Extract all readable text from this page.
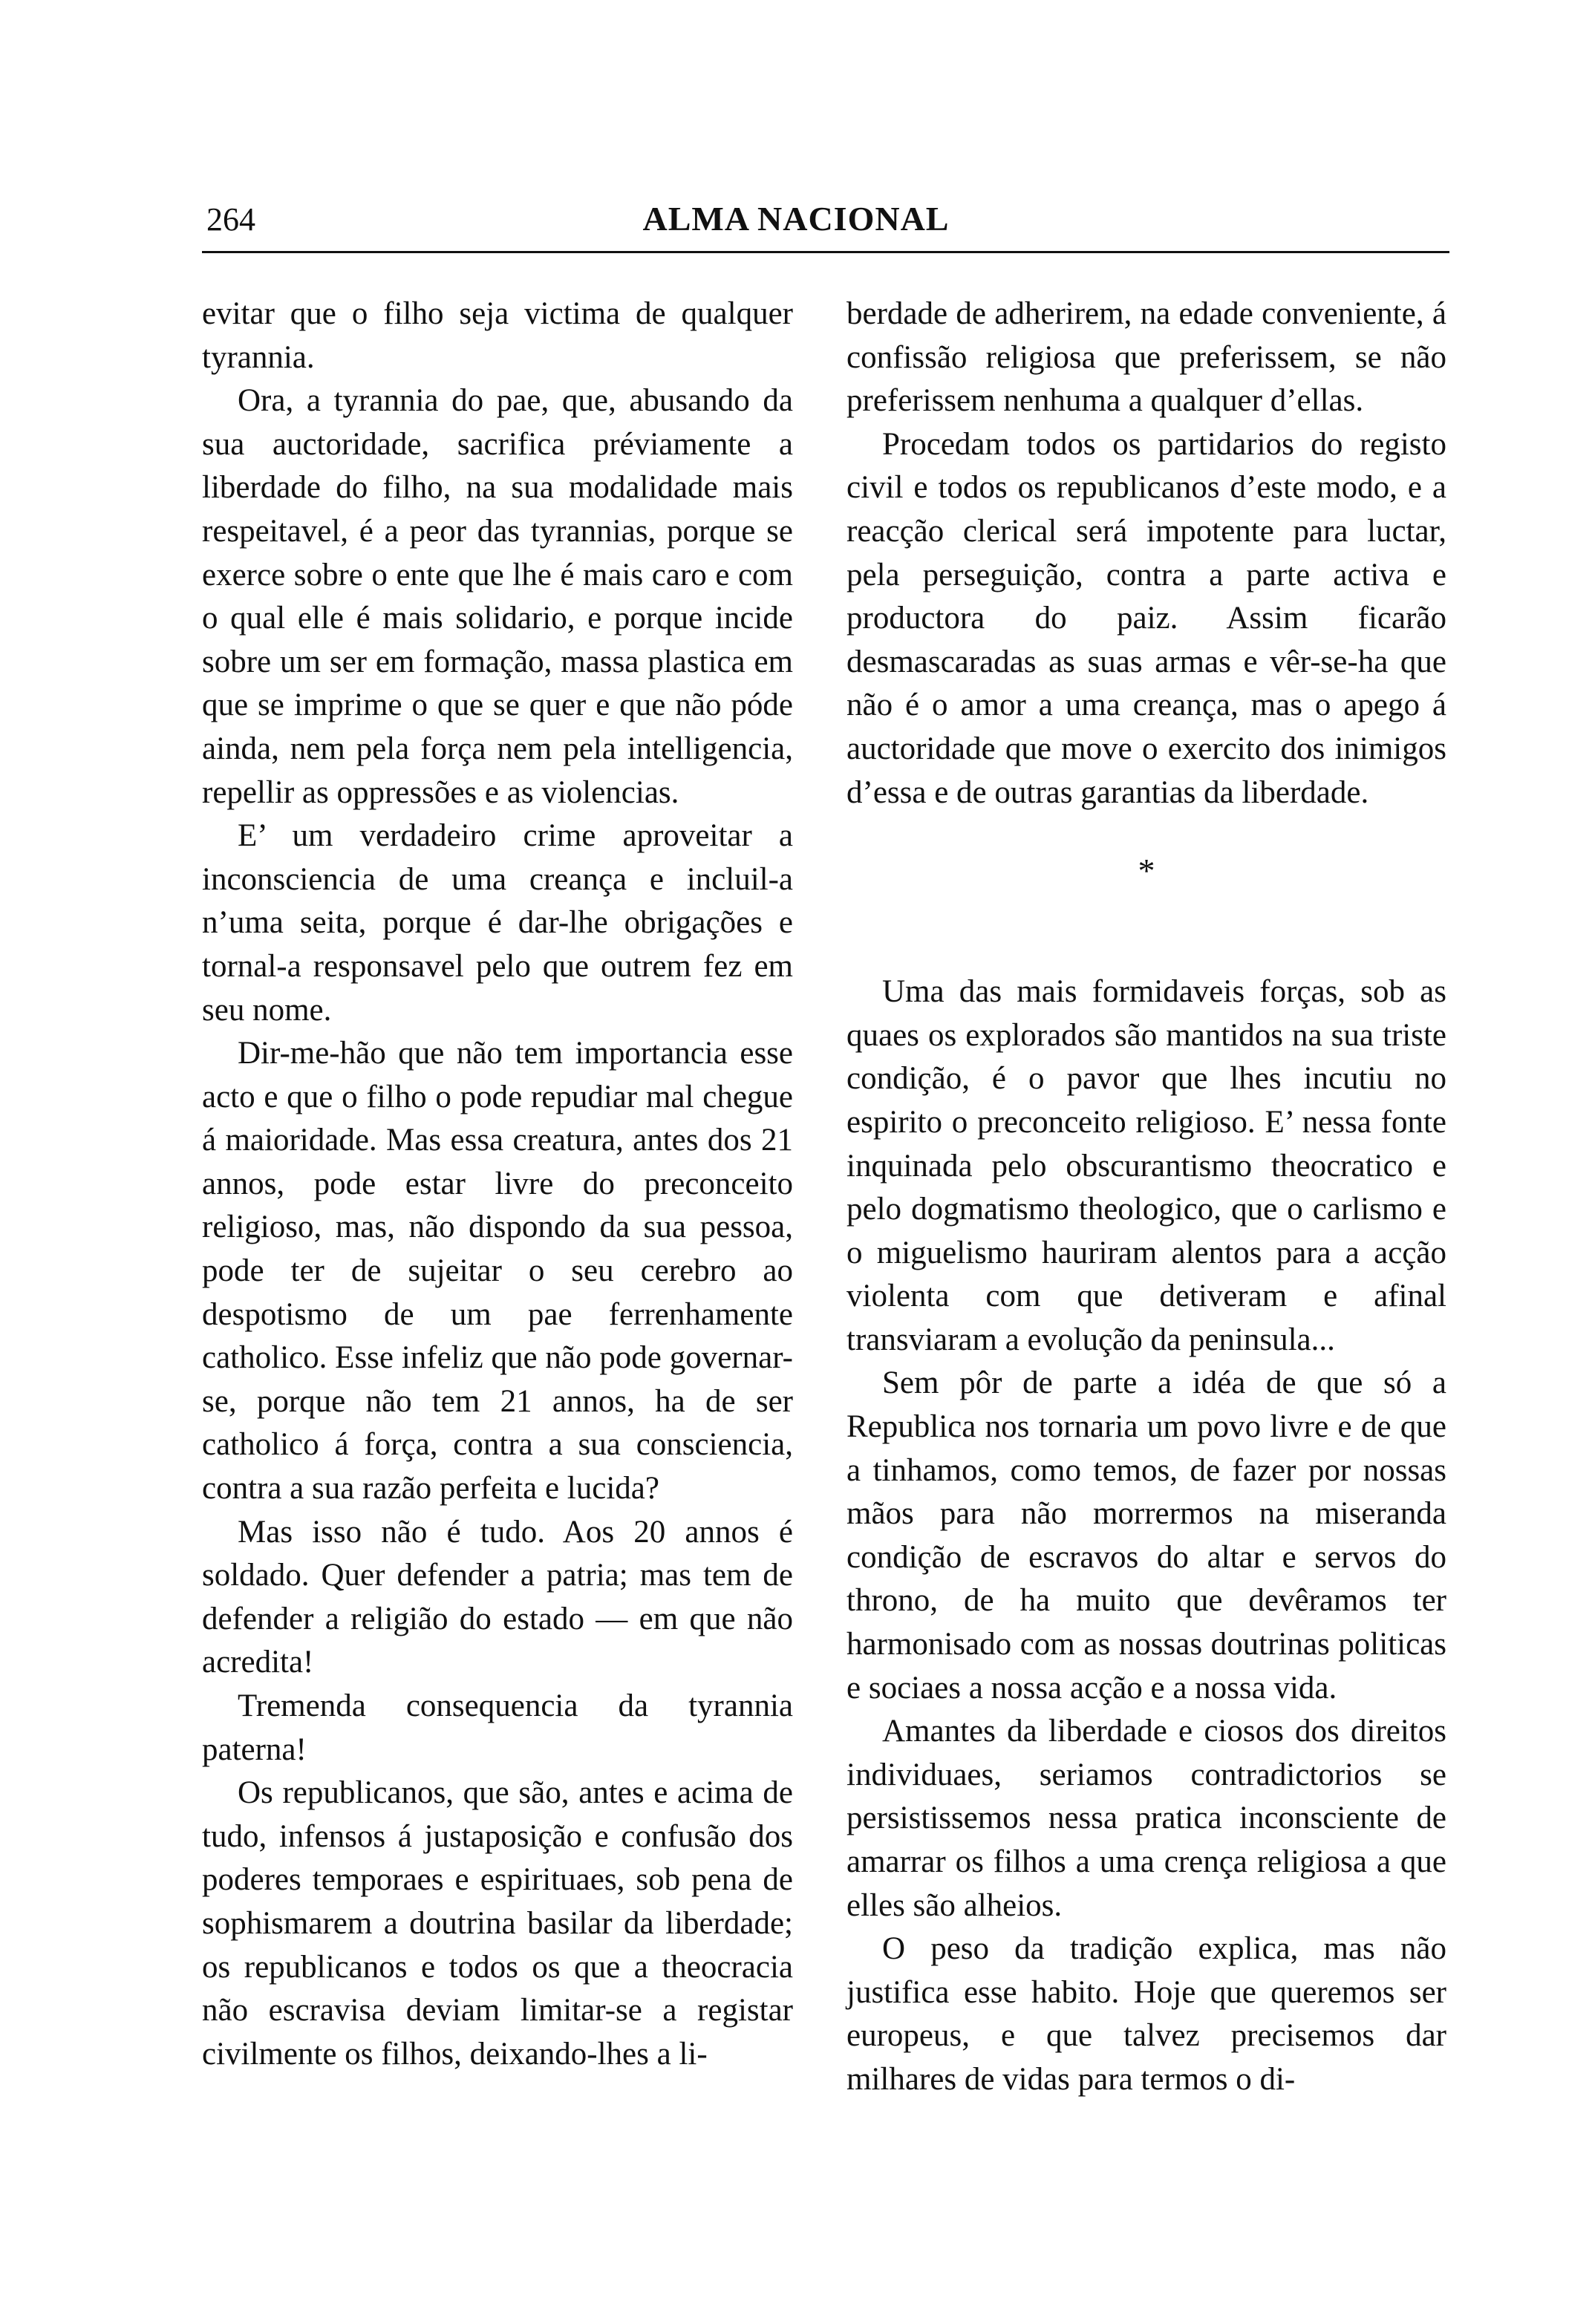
264	ALMA NACIONAL

evitar que o filho seja victima de qualquer tyrannia.

Ora, a tyrannia do pae, que, abusando da sua auctoridade, sacrifica préviamente a liberdade do filho, na sua modalidade mais respeitavel, é a peor das tyrannias, porque se exerce sobre o ente que lhe é mais caro e com o qual elle é mais solidario, e porque incide sobre um ser em formação, massa plastica em que se imprime o que se quer e que não póde ainda, nem pela força nem pela intelligencia, repellir as oppressões e as violencias.

E’ um verdadeiro crime aproveitar a inconsciencia de uma creança e incluil-a n’uma seita, porque é dar-lhe obrigações e tornal-a responsavel pelo que outrem fez em seu nome.

Dir-me-hão que não tem importancia esse acto e que o filho o pode repudiar mal chegue á maioridade. Mas essa creatura, antes dos 21 annos, pode estar livre do preconceito religioso, mas, não dispondo da sua pessoa, pode ter de sujeitar o seu cerebro ao despotismo de um pae ferrenhamente catholico. Esse infeliz que não pode governar-se, porque não tem 21 annos, ha de ser catholico á força, contra a sua consciencia, contra a sua razão perfeita e lucida?

Mas isso não é tudo. Aos 20 annos é soldado. Quer defender a patria; mas tem de defender a religião do estado — em que não acredita!

Tremenda consequencia da tyrannia paterna!

Os republicanos, que são, antes e acima de tudo, infensos á justaposição e confusão dos poderes temporaes e espirituaes, sob pena de sophismarem a doutrina basilar da liberdade; os republicanos e todos os que a theocracia não escravisa deviam limitar-se a registar civilmente os filhos, deixando-lhes a li-

berdade de adherirem, na edade conveniente, á confissão religiosa que preferissem, se não preferissem nenhuma a qualquer d’ellas.

Procedam todos os partidarios do registo civil e todos os republicanos d’este modo, e a reacção clerical será impotente para luctar, pela perseguição, contra a parte activa e productora do paiz. Assim ficarão desmascaradas as suas armas e vêr-se-ha que não é o amor a uma creança, mas o apego á auctoridade que move o exercito dos inimigos d’essa e de outras garantias da liberdade.

*

Uma das mais formidaveis forças, sob as quaes os explorados são mantidos na sua triste condição, é o pavor que lhes incutiu no espirito o preconceito religioso. E’ nessa fonte inquinada pelo obscurantismo theocratico e pelo dogmatismo theologico, que o carlismo e o miguelismo hauriram alentos para a acção violenta com que detiveram e afinal transviaram a evolução da peninsula...

Sem pôr de parte a idéa de que só a Republica nos tornaria um povo livre e de que a tinhamos, como temos, de fazer por nossas mãos para não morrermos na miseranda condição de escravos do altar e servos do throno, de ha muito que devêramos ter harmonisado com as nossas doutrinas politicas e sociaes a nossa acção e a nossa vida.

Amantes da liberdade e ciosos dos direitos individuaes, seriamos contradictorios se persistissemos nessa pratica inconsciente de amarrar os filhos a uma crença religiosa a que elles são alheios.

O peso da tradição explica, mas não justifica esse habito. Hoje que queremos ser europeus, e que talvez precisemos dar milhares de vidas para termos o di-
